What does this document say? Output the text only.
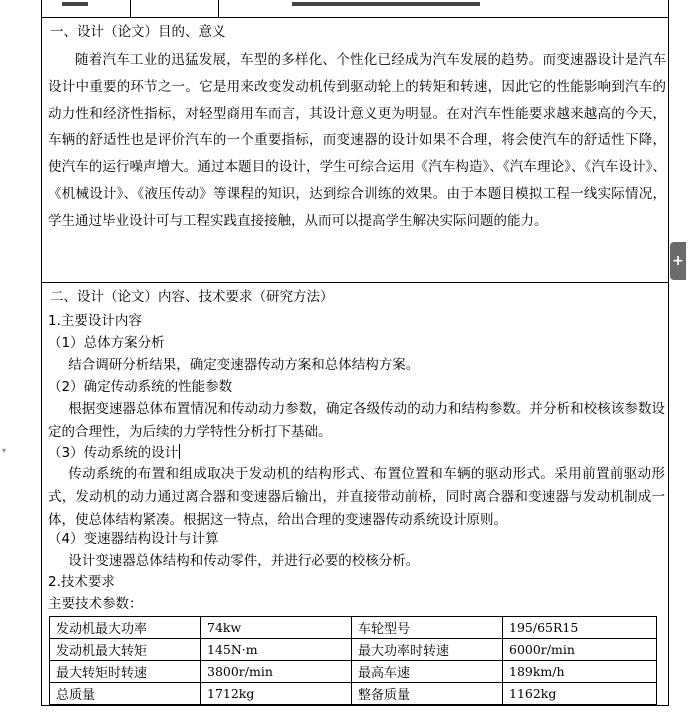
一、设计（论文）目的、意义
随着汽车工业的迅猛发展，车型的多样化、个性化已经成为汽车发展的趋势。而变速器设计是汽车设计中重要的环节之一。它是用来改变发动机传到驱动轮上的转矩和转速，因此它的性能影响到汽车的动力性和经济性指标，对轻型商用车而言，其设计意义更为明显。在对汽车性能要求越来越高的今天，车辆的舒适性也是评价汽车的一个重要指标，而变速器的设计如果不合理，将会使汽车的舒适性下降，使汽车的运行噪声增大。通过本题目的设计，学生可综合运用《汽车构造》、《汽车理论》、《汽车设计》、《机械设计》、《液压传动》等课程的知识，达到综合训练的效果。由于本题目模拟工程一线实际情况，学生通过毕业设计可与工程实践直接接触，从而可以提高学生解决实际问题的能力。
二、设计（论文）内容、技术要求（研究方法）
1.主要设计内容
（1）总体方案分析
结合调研分析结果，确定变速器传动方案和总体结构方案。
（2）确定传动系统的性能参数
根据变速器总体布置情况和传动动力参数，确定各级传动的动力和结构参数。并分析和校核该参数设定的合理性，为后续的力学特性分析打下基础。
（3）传动系统的设计
传动系统的布置和组成取决于发动机的结构形式、布置位置和车辆的驱动形式。采用前置前驱动形式，发动机的动力通过离合器和变速器后输出，并直接带动前桥，同时离合器和变速器与发动机制成一体，使总体结构紧凑。根据这一特点，给出合理的变速器传动系统设计原则。
（4）变速器结构设计与计算
设计变速器总体结构和传动零件，并进行必要的校核分析。
2.技术要求
主要技术参数：
发动机最大功率	74kw	车轮型号	195/65R15
发动机最大转矩	145N·m	最大功率时转速	6000r/min
最大转矩时转速	3800r/min	最高车速	189km/h
总质量	1712kg	整备质量	1162kg
+
▾
